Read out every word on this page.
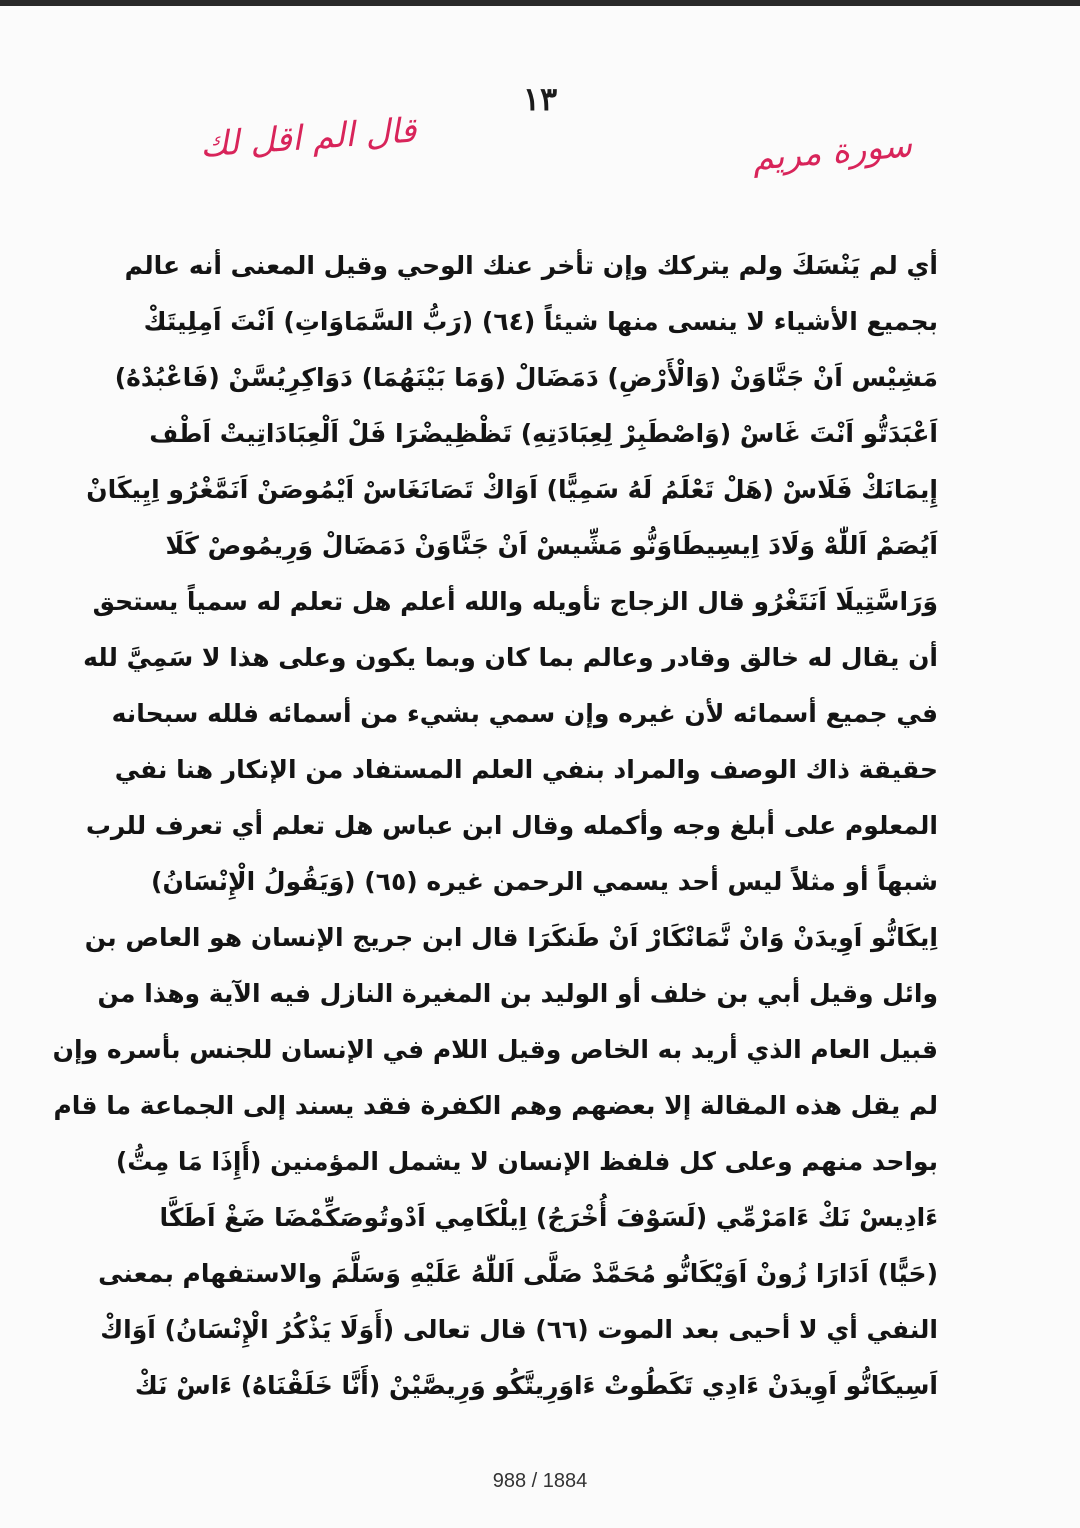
١٣
قال الم اقل لك	سورة مريم
أي لم يَنْسَكَ ولم يتركك وإن تأخر عنك الوحي وقيل المعنى أنه عالم
بجميع الأشياء لا ينسى منها شيئاً (٦٤) (رَبُّ السَّمَاوَاتِ) اَنْتَ اَمِلِيتَكْ
مَشِيْس اَنْ جَنَّاوَنْ (وَالْأَرْضِ) دَمَضَالْ (وَمَا بَيْنَهُمَا) دَوَاكِرِيُسَّنْ (فَاعْبُدْهُ)
اَعْبَدَتُّو اَنْتَ غَاسْ (وَاصْطَبِرْ لِعِبَادَتِهِ) تَظْظِيضْرَا فَلْ اَلْعِبَادَاتِيتْ اَطْف
إِيمَانَكْ فَلَاسْ (هَلْ تَعْلَمُ لَهُ سَمِيًّا) اَوَاكْ تَصَانَغَاسْ اَيْمُوصَنْ اَنَمَّغْرُو اِيِيكَانْ
اَيُصَمْ اَللّٰهْ وَلَادَ اِيسِيطَاوَنُّو مَشِّيسْ اَنْ جَنَّاوَنْ دَمَضَالْ وَرِيمُوصْ كَلَا
وَرَاسَّتِيلَا اَنَتَغْرُو قال الزجاج تأويله والله أعلم هل تعلم له سمياً يستحق
أن يقال له خالق وقادر وعالم بما كان وبما يكون وعلى هذا لا سَمِيَّ لله
في جميع أسمائه لأن غيره وإن سمي بشيء من أسمائه فلله سبحانه
حقيقة ذاك الوصف والمراد بنفي العلم المستفاد من الإنكار هنا نفي
المعلوم على أبلغ وجه وأكمله وقال ابن عباس هل تعلم أي تعرف للرب
شبهاً أو مثلاً ليس أحد يسمي الرحمن غيره (٦٥) (وَيَقُولُ الْإِنْسَانُ)
اِيكَانُّو اَوِيدَنْ وَانْ نَّمَانْكَارْ اَنْ طَنكَرَا قال ابن جريج الإنسان هو العاص بن
وائل وقيل أبي بن خلف أو الوليد بن المغيرة النازل فيه الآية وهذا من
قبيل العام الذي أريد به الخاص وقيل اللام في الإنسان للجنس بأسره وإن
لم يقل هذه المقالة إلا بعضهم وهم الكفرة فقد يسند إلى الجماعة ما قام
بواحد منهم وعلى كل فلفظ الإنسان لا يشمل المؤمنين (أَإِذَا مَا مِتُّ)
ءَادِيسْ نَكْ ءَامَرْمِّي (لَسَوْفَ أُخْرَجُ) اِيلْكَامِي اَدْوتُوصَكِّمْضَا ضَغْ اَطَكَّا
(حَيًّا) اَدَارَا زُونْ اَوَيْكَانُّو مُحَمَّدْ صَلَّى اَللّٰهُ عَلَيْهِ وَسَلَّمَ والاستفهام بمعنى
النفي أي لا أحيى بعد الموت (٦٦) قال تعالى (أَوَلَا يَذْكُرُ الْإِنْسَانُ) اَوَاكْ
اَسِيكَانُّو اَوِيدَنْ ءَادِي تَكَطُوتْ ءَاوَرِيتَّكُو وَرِيصَّيْنْ (أَنَّا خَلَقْنَاهُ) ءَاسْ نَكْ
988 / 1884
